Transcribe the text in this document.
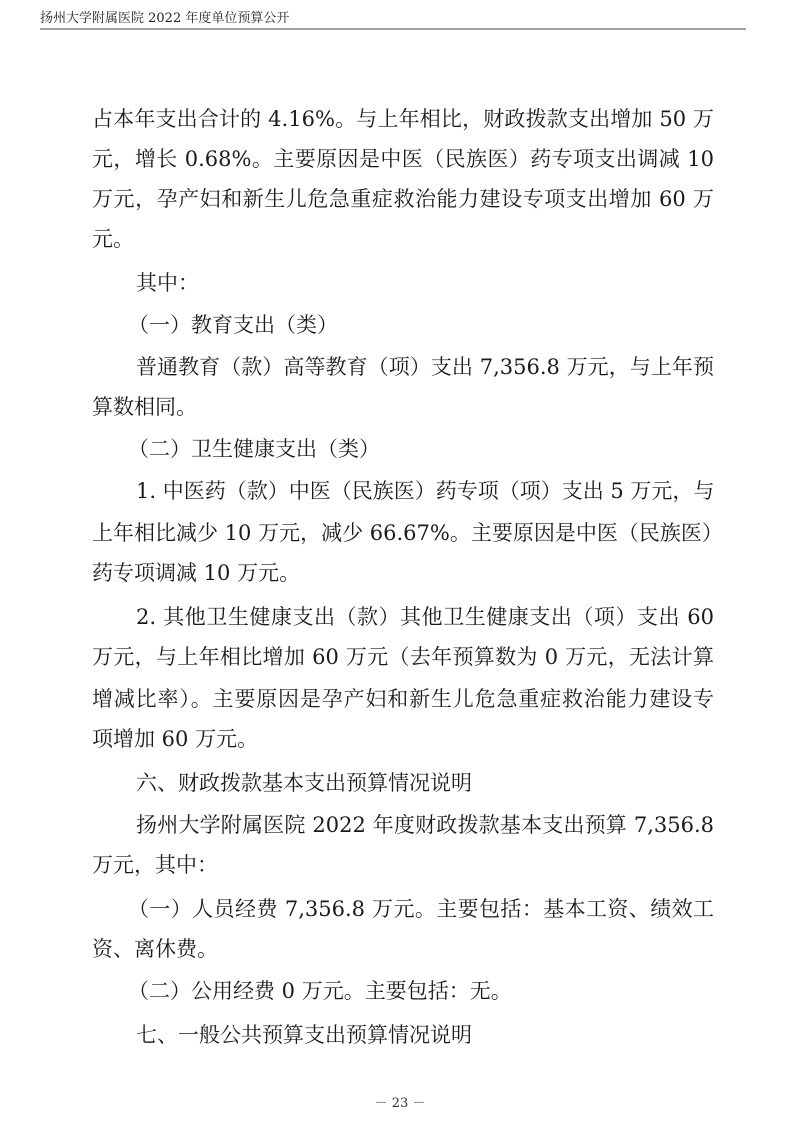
扬州大学附属医院 2022 年度单位预算公开
占本年支出合计的 4.16%。与上年相比，财政拨款支出增加 50 万
元，增长 0.68%。主要原因是中医（民族医）药专项支出调减 10
万元，孕产妇和新生儿危急重症救治能力建设专项支出增加 60 万
元。
其中：
（一）教育支出（类）
普通教育（款）高等教育（项）支出 7,356.8 万元，与上年预
算数相同。
（二）卫生健康支出（类）
1. 中医药（款）中医（民族医）药专项（项）支出 5 万元，与
上年相比减少 10 万元，减少 66.67%。主要原因是中医（民族医）
药专项调减 10 万元。
2. 其他卫生健康支出（款）其他卫生健康支出（项）支出 60
万元，与上年相比增加 60 万元（去年预算数为 0 万元，无法计算
增减比率）。主要原因是孕产妇和新生儿危急重症救治能力建设专
项增加 60 万元。
六、财政拨款基本支出预算情况说明
扬州大学附属医院 2022 年度财政拨款基本支出预算 7,356.8
万元，其中：
（一）人员经费 7,356.8 万元。主要包括：基本工资、绩效工
资、离休费。
（二）公用经费 0 万元。主要包括：无。
七、一般公共预算支出预算情况说明
－ 23 －
